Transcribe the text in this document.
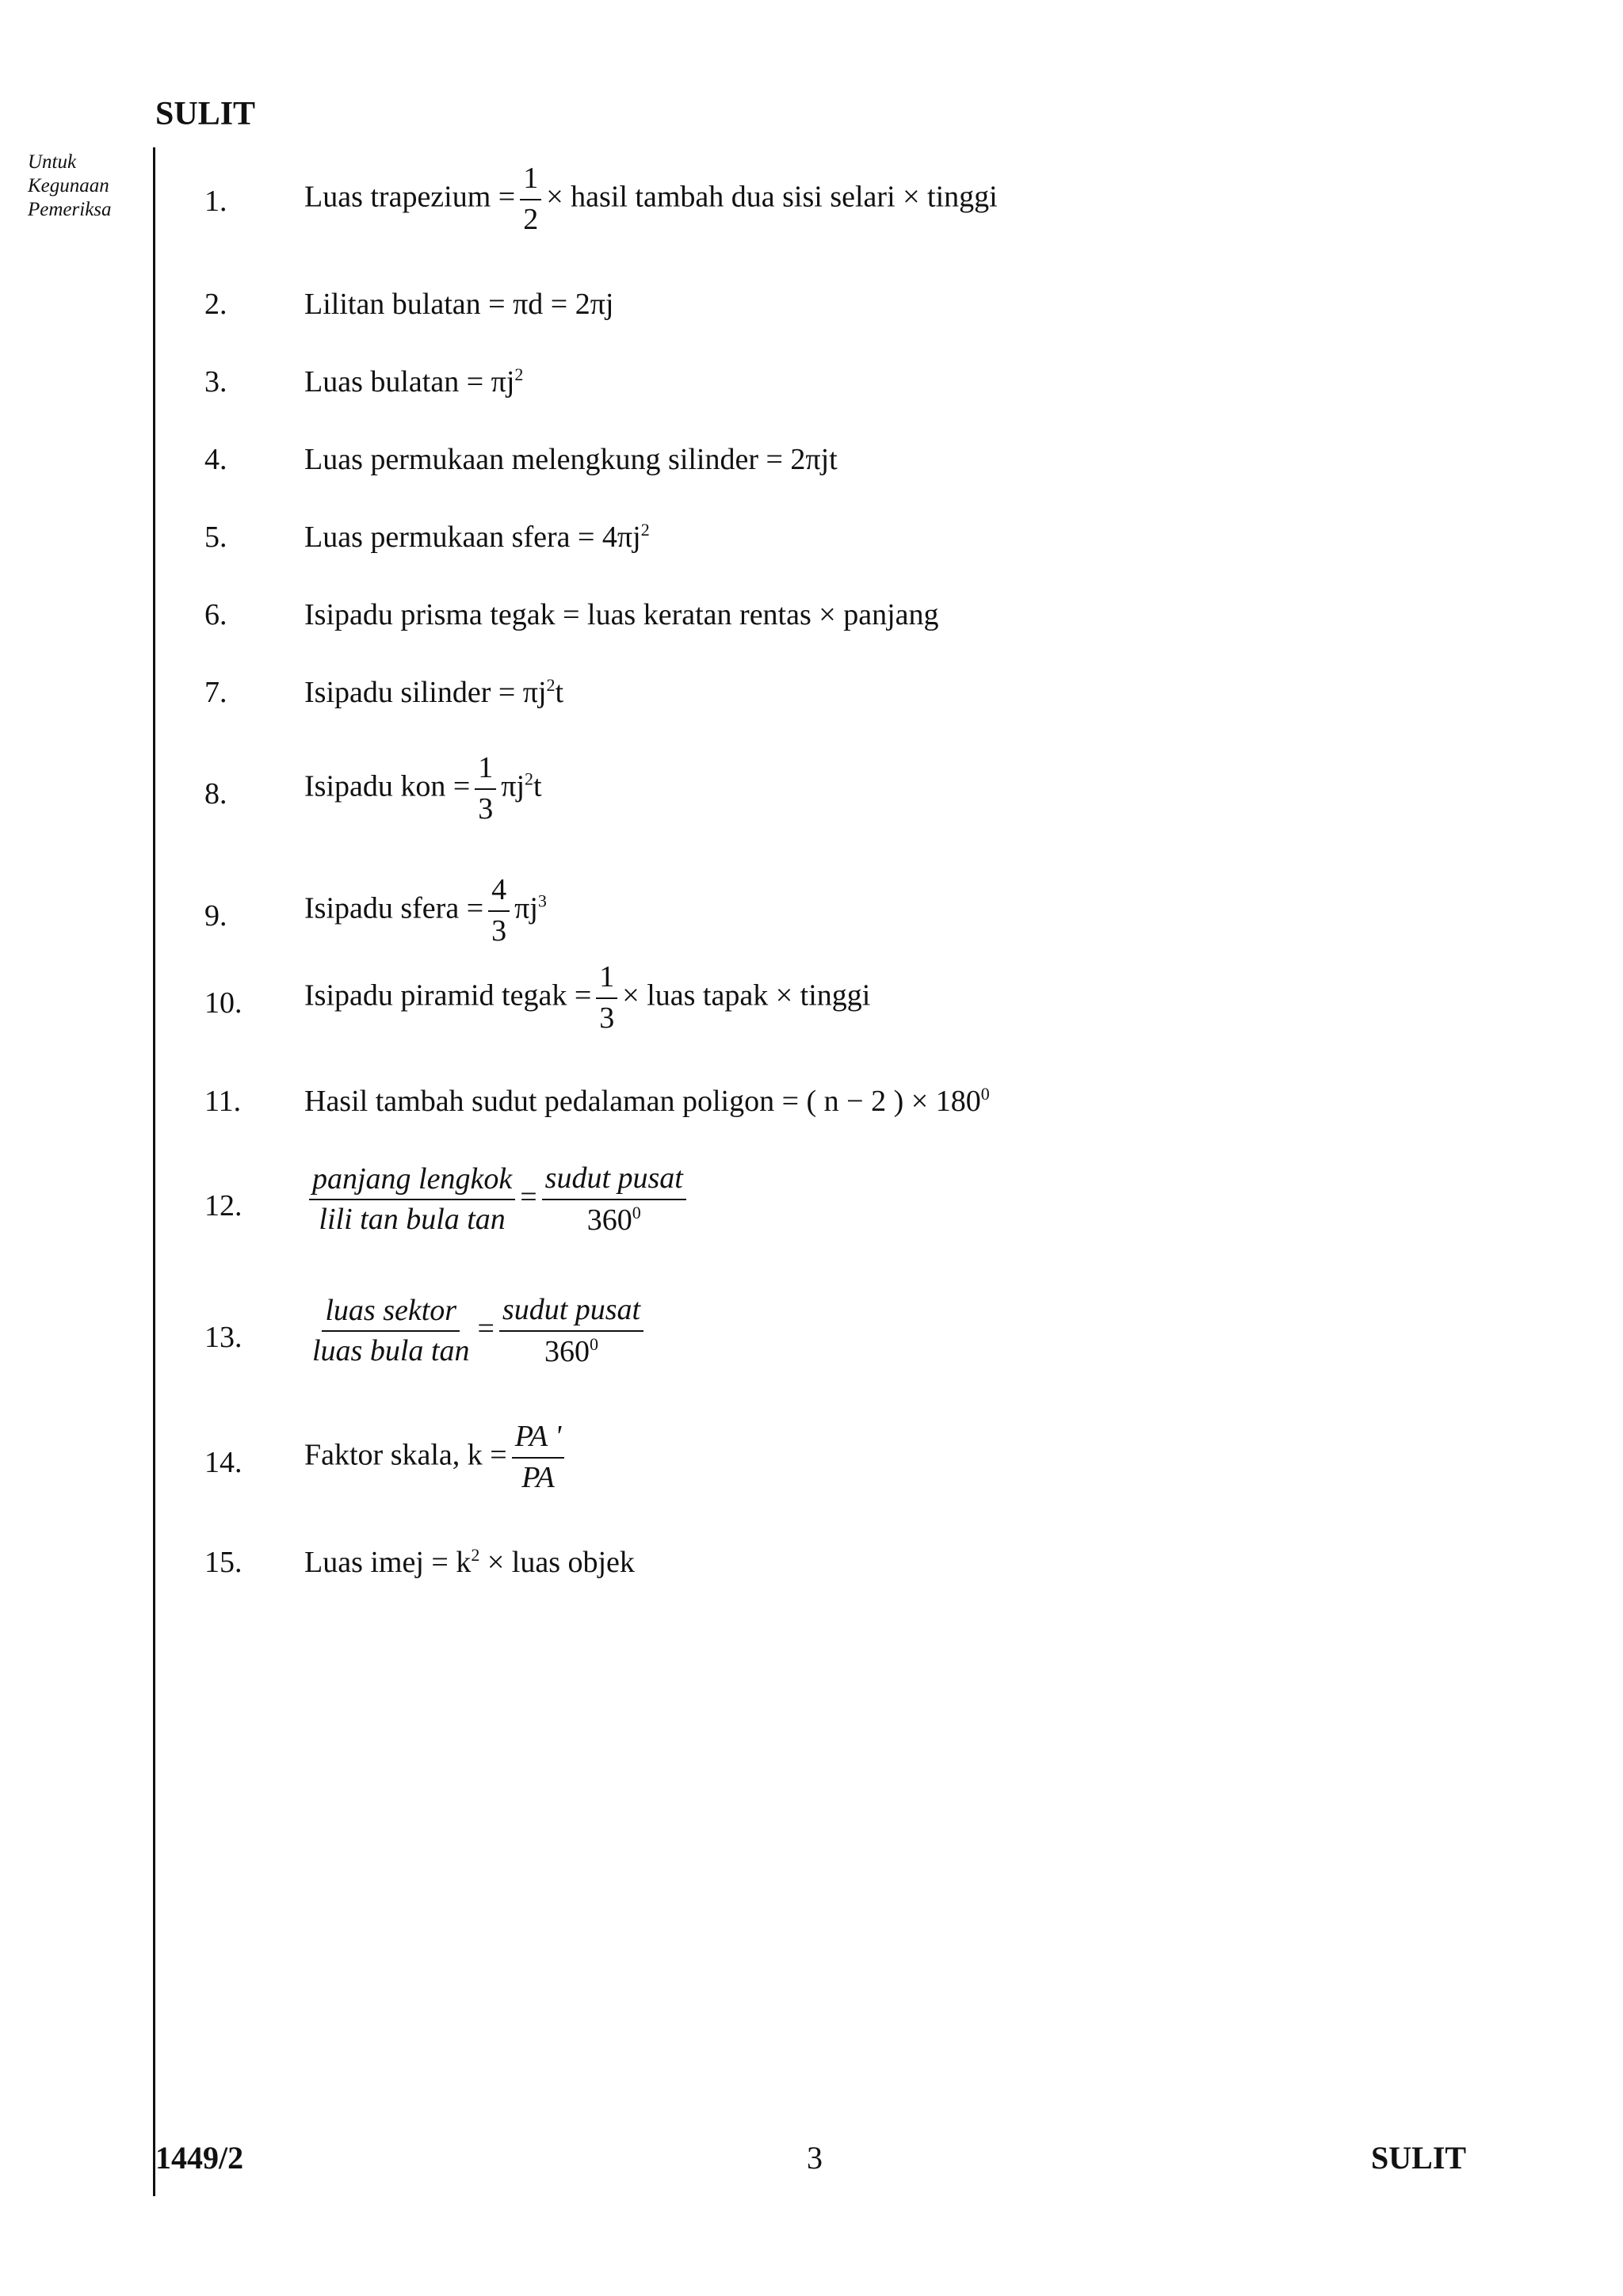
SULIT
Untuk
Kegunaan
Pemeriksa	1.	Luas trapezium = $\frac{1}{2}$ × hasil tambah dua sisi selari × tinggi
2.	Lilitan bulatan = πd = 2πj
3.	Luas bulatan = $\pi j^2$
4.	Luas permukaan melengkung silinder = 2πjt
5.	Luas permukaan sfera = $4\pi j^2$
6.	Isipadu prisma tegak = luas keratan rentas × panjang
7.	Isipadu silinder = $\pi j^2t$
8.	Isipadu kon = $\frac{1}{3} \pi j^2t$
9.	Isipadu sfera = $\frac{4}{3} \pi j^3$
10. Isipadu piramid tegak = $\frac{1}{3}$ × luas tapak × tinggi
11. Hasil tambah sudut pedalaman poligon = ( n − 2 ) × $180^0$
12. $\frac{\text{panjang lengkok}}{\text{lili tan bula tan}} = \frac{\text{sudut pusat}}{360^0}$
13. $\frac{\text{luas sektor}}{\text{luas bula tan}} = \frac{\text{sudut pusat}}{360^0}$
14. Faktor skala, $k = \frac{PA '}{PA}$
15. Luas imej = $k^2$ × luas objek
1449/2	3	SULIT
